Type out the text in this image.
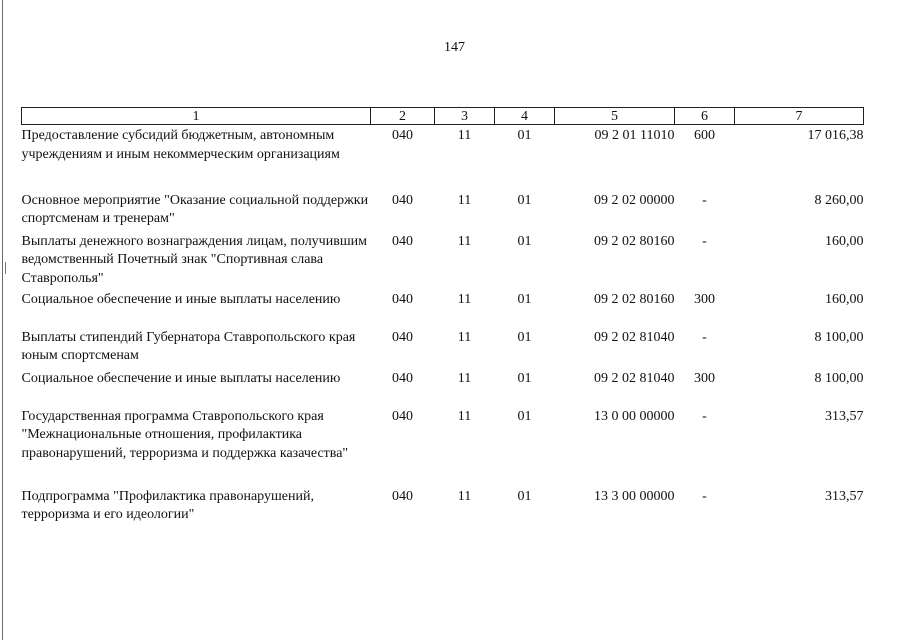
147
1	2	3	4	5	6	7
Предоставление субсидий бюджетным, автономным учреждениям и иным некоммерческим организациям	040	11	01	09 2 01 11010	600	17 016,38
Основное мероприятие "Оказание социальной поддержки спортсменам и тренерам"	040	11	01	09 2 02 00000	-	8 260,00
Выплаты денежного вознаграждения лицам, получившим ведомственный Почетный знак "Спортивная слава Ставрополья"	040	11	01	09 2 02 80160	-	160,00
Социальное обеспечение и иные выплаты населению	040	11	01	09 2 02 80160	300	160,00
Выплаты стипендий Губернатора Ставропольского края юным спортсменам	040	11	01	09 2 02 81040	-	8 100,00
Социальное обеспечение и иные выплаты населению	040	11	01	09 2 02 81040	300	8 100,00
Государственная программа Ставропольского края "Межнациональные отношения, профилактика правонарушений, терроризма и поддержка казачества"	040	11	01	13 0 00 00000	-	313,57
Подпрограмма "Профилактика правонарушений, терроризма и его идеологии"	040	11	01	13 3 00 00000	-	313,57
